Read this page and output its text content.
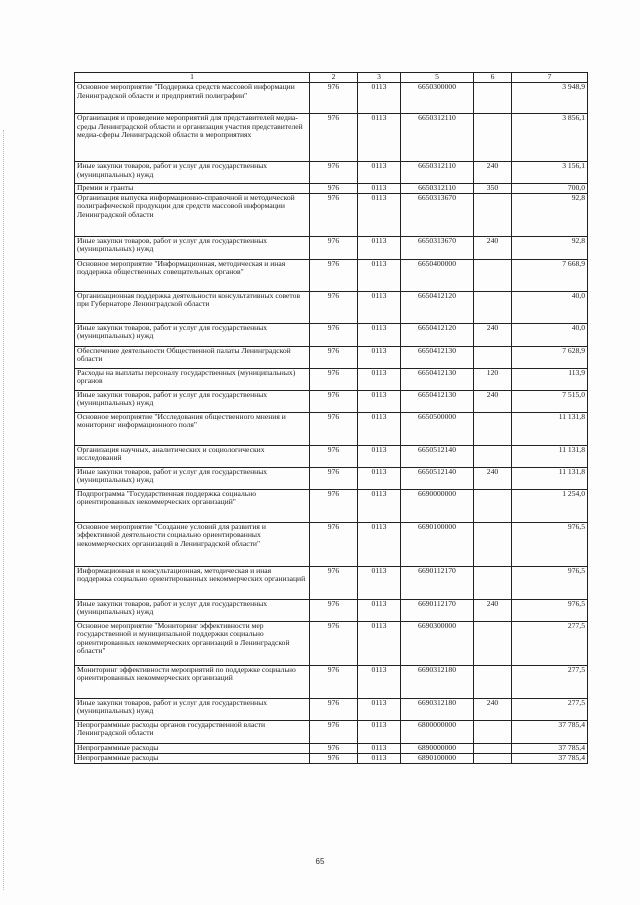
1	2	3	5	6	7
Основное мероприятие "Поддержка средств массовой информации Ленинградской области и предприятий полиграфии"	976	0113	6650300000		3 948,9
Организация и проведение мероприятий для представителей медиа-среды Ленинградской области и организация участия представителей медиа-сферы Ленинградской области в мероприятиях	976	0113	6650312110		3 856,1
Иные закупки товаров, работ и услуг для государственных (муниципальных) нужд	976	0113	6650312110	240	3 156,1
Премии и гранты	976	0113	6650312110	350	700,0
Организация выпуска информационно-справочной и методической полиграфической продукции для средств массовой информации Ленинградской области	976	0113	6650313670		92,8
Иные закупки товаров, работ и услуг для государственных (муниципальных) нужд	976	0113	6650313670	240	92,8
Основное мероприятие "Информационная, методическая и иная поддержка общественных совещательных органов"	976	0113	6650400000		7 668,9
Организационная поддержка деятельности консультативных советов при Губернаторе Ленинградской области	976	0113	6650412120		40,0
Иные закупки товаров, работ и услуг для государственных (муниципальных) нужд	976	0113	6650412120	240	40,0
Обеспечение деятельности Общественной палаты Ленинградской области	976	0113	6650412130		7 628,9
Расходы на выплаты персоналу государственных (муниципальных) органов	976	0113	6650412130	120	113,9
Иные закупки товаров, работ и услуг для государственных (муниципальных) нужд	976	0113	6650412130	240	7 515,0
Основное мероприятие "Исследования общественного мнения и мониторинг информационного поля"	976	0113	6650500000		11 131,8
Организация научных, аналитических и социологических исследований	976	0113	6650512140		11 131,8
Иные закупки товаров, работ и услуг для государственных (муниципальных) нужд	976	0113	6650512140	240	11 131,8
Подпрограмма "Государственная поддержка социально ориентированных некоммерческих организаций"	976	0113	6690000000		1 254,0
Основное мероприятие "Создание условий для развития и эффективной деятельности социально ориентированных некоммерческих организаций в Ленинградской области"	976	0113	6690100000		976,5
Информационная и консультационная, методическая и иная поддержка социально ориентированных некоммерческих организаций	976	0113	6690112170		976,5
Иные закупки товаров, работ и услуг для государственных (муниципальных) нужд	976	0113	6690112170	240	976,5
Основное мероприятие "Мониторинг эффективности мер государственной и муниципальной поддержки социально ориентированных некоммерческих организаций в Ленинградской области"	976	0113	6690300000		277,5
Мониторинг эффективности мероприятий по поддержке социально ориентированных некоммерческих организаций	976	0113	6690312180		277,5
Иные закупки товаров, работ и услуг для государственных (муниципальных) нужд	976	0113	6690312180	240	277,5
Непрограммные расходы органов государственной власти Ленинградской области	976	0113	6800000000		37 785,4
Непрограммные расходы	976	0113	6890000000		37 785,4
Непрограммные расходы	976	0113	6890100000		37 785,4
65
